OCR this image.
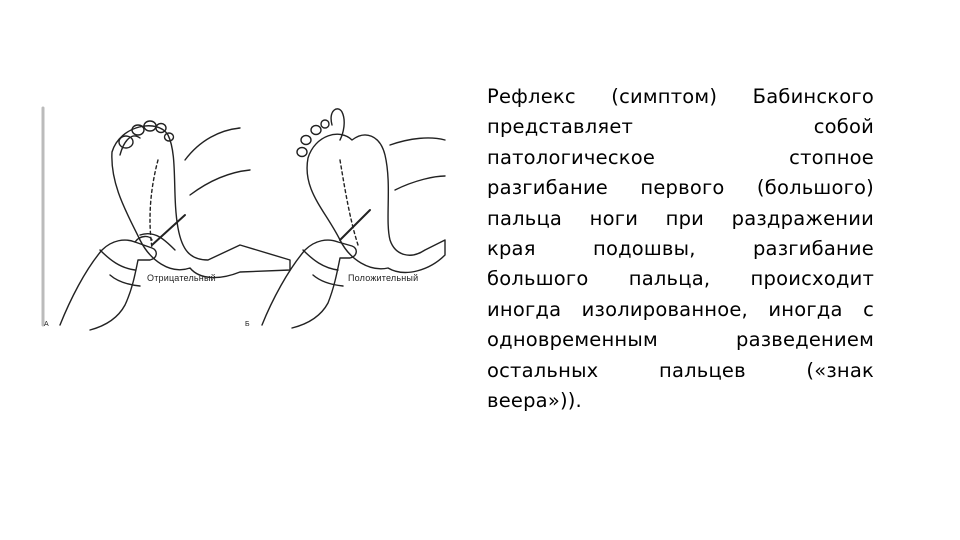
A
Отрицательный
Б
Положительный
Рефлекс (симптом) Бабинского
представляет собой
патологическое стопное
разгибание первого (большого)
пальца ноги при раздражении
края подошвы, разгибание
большого пальца, происходит
иногда изолированное, иногда с
одновременным разведением
остальных пальцев («знак
веера»)).
